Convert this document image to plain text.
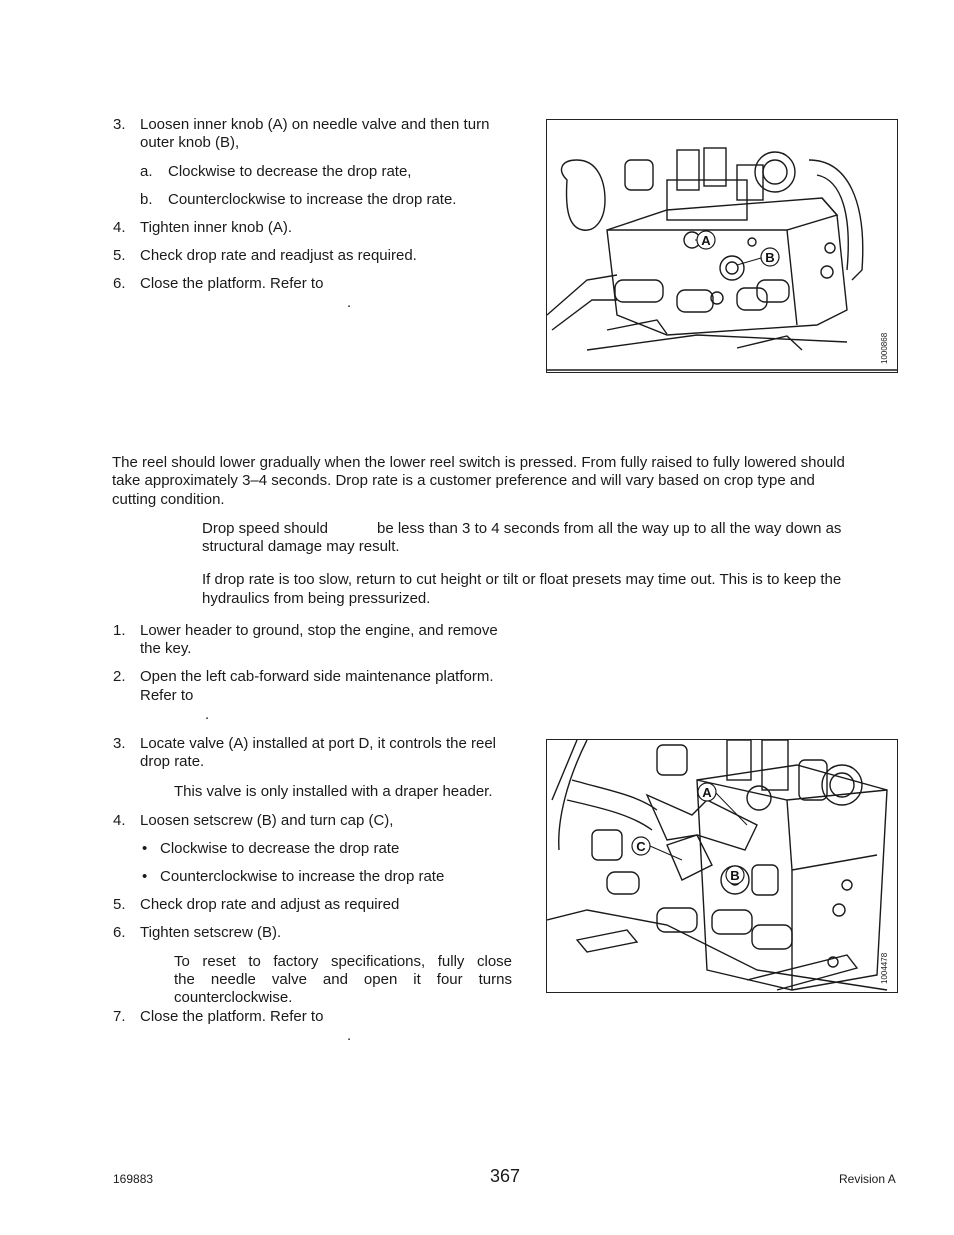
3. Loosen inner knob (A) on needle valve and then turn
outer knob (B),
a. Clockwise to decrease the drop rate,
b. Counterclockwise to increase the drop rate.
4. Tighten inner knob (A).
5. Check drop rate and readjust as required.
6. Close the platform. Refer to
.
A
B
1000868
The reel should lower gradually when the lower reel switch is pressed. From fully raised to fully lowered should
take approximately 3–4 seconds. Drop rate is a customer preference and will vary based on crop type and
cutting condition.
Drop speed should	be less than 3 to 4 seconds from all the way up to all the way down as
structural damage may result.
If drop rate is too slow, return to cut height or tilt or float presets may time out. This is to keep the
hydraulics from being pressurized.
1. Lower header to ground, stop the engine, and remove
the key.
2. Open the left cab-forward side maintenance platform.
Refer to
.
3. Locate valve (A) installed at port D, it controls the reel
drop rate.
This valve is only installed with a draper header.
4. Loosen setscrew (B) and turn cap (C),
• Clockwise to decrease the drop rate
• Counterclockwise to increase the drop rate
5. Check drop rate and adjust as required
6. Tighten setscrew (B).
To reset to factory specifications, fully close
the needle valve and open it four turns
counterclockwise.
7. Close the platform. Refer to
.
A
C
B
1004478
169883	367	Revision A
